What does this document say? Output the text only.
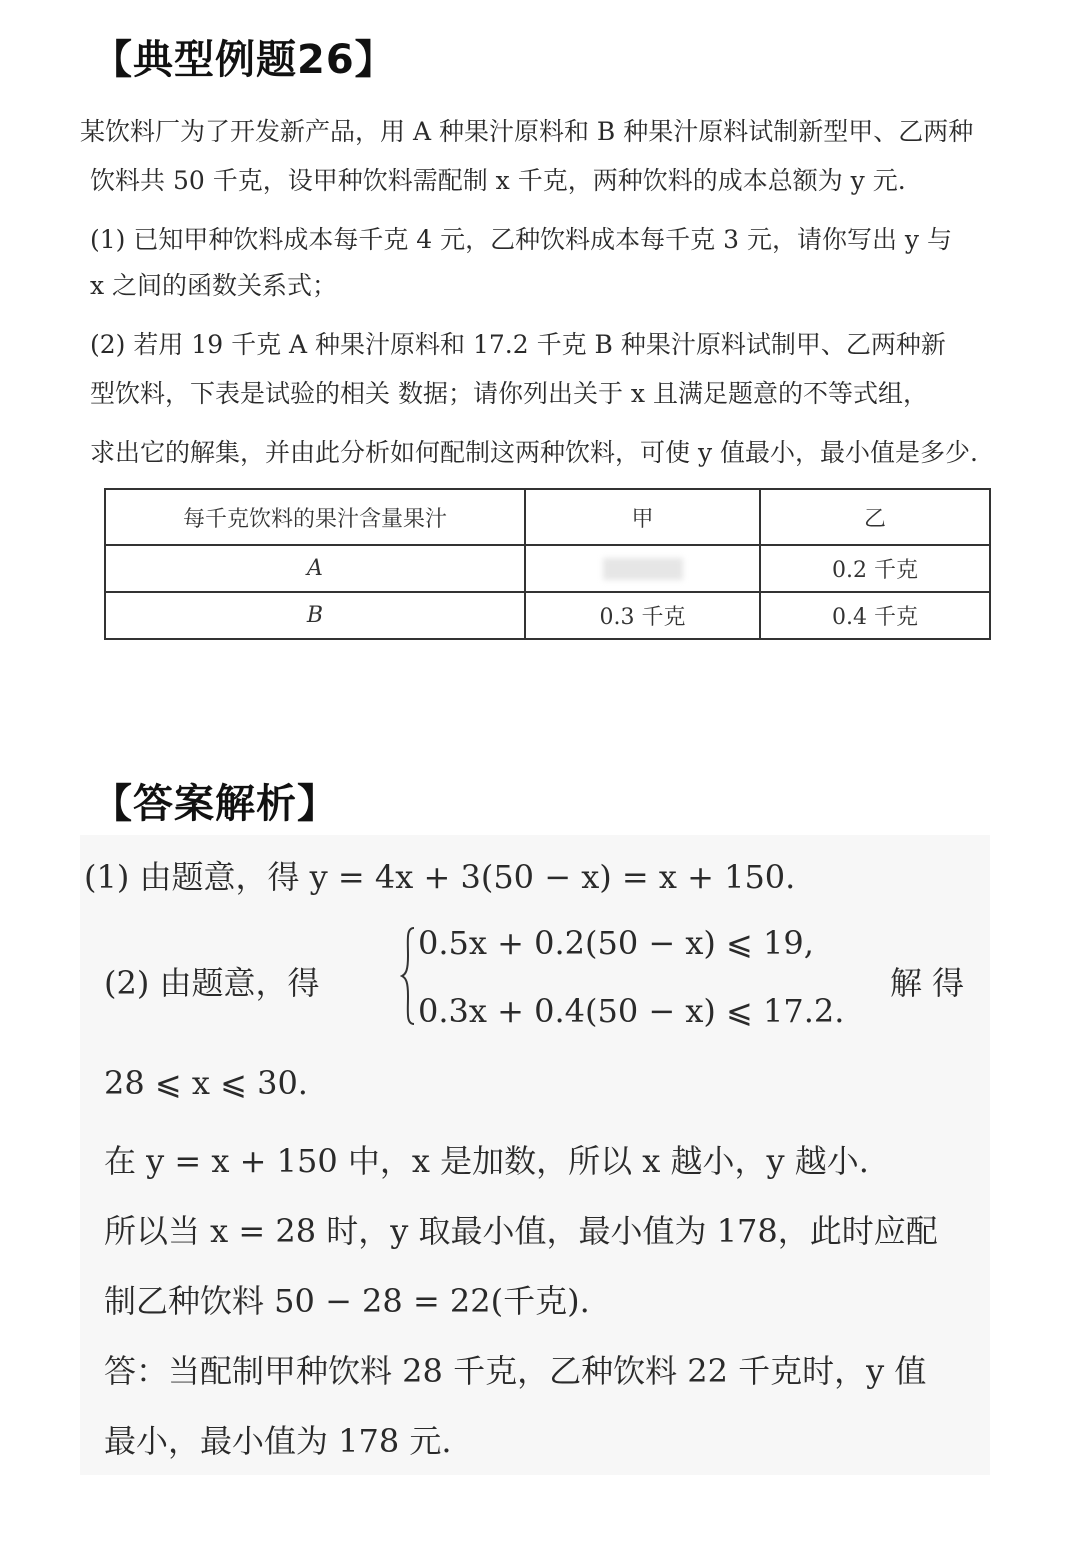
【典型例题26】
某饮料厂为了开发新产品，用 A 种果汁原料和 B 种果汁原料试制新型甲、乙两种
饮料共 50 千克，设甲种饮料需配制 x 千克，两种饮料的成本总额为 y 元.
(1) 已知甲种饮料成本每千克 4 元，乙种饮料成本每千克 3 元，请你写出 y 与
x 之间的函数关系式；
(2) 若用 19 千克 A 种果汁原料和 17.2 千克 B 种果汁原料试制甲、乙两种新
型饮料，下表是试验的相关 数据；请你列出关于 x 且满足题意的不等式组，
求出它的解集，并由此分析如何配制这两种饮料，可使 y 值最小，最小值是多少.
每千克饮料的果汁含量果汁	甲	乙
A		0.2 千克
B	0.3 千克	0.4 千克
【答案解析】
(1) 由题意，得 y = 4x + 3(50 − x) = x + 150.
(2) 由题意，得
0.5x + 0.2(50 − x) ⩽ 19,
0.3x + 0.4(50 − x) ⩽ 17.2.
解 得
28 ⩽ x ⩽ 30.
在 y = x + 150 中，x 是加数，所以 x 越小，y 越小.
所以当 x = 28 时，y 取最小值，最小值为 178，此时应配
制乙种饮料 50 − 28 = 22(千克).
答：当配制甲种饮料 28 千克，乙种饮料 22 千克时，y 值
最小，最小值为 178 元.
